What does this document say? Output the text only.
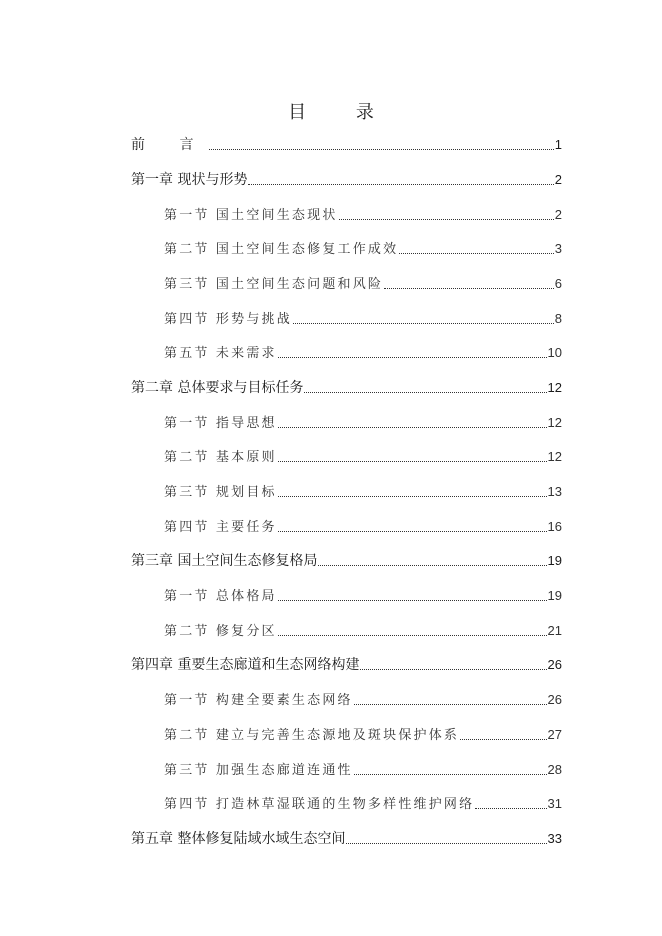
目 录
前 言	1
第一章 现状与形势	2
第一节 国土空间生态现状	2
第二节 国土空间生态修复工作成效	3
第三节 国土空间生态问题和风险	6
第四节 形势与挑战	8
第五节 未来需求	10
第二章 总体要求与目标任务	12
第一节 指导思想	12
第二节 基本原则	12
第三节 规划目标	13
第四节 主要任务	16
第三章 国土空间生态修复格局	19
第一节 总体格局	19
第二节 修复分区	21
第四章 重要生态廊道和生态网络构建	26
第一节 构建全要素生态网络	26
第二节 建立与完善生态源地及斑块保护体系	27
第三节 加强生态廊道连通性	28
第四节 打造林草湿联通的生物多样性维护网络	31
第五章 整体修复陆域水域生态空间	33
